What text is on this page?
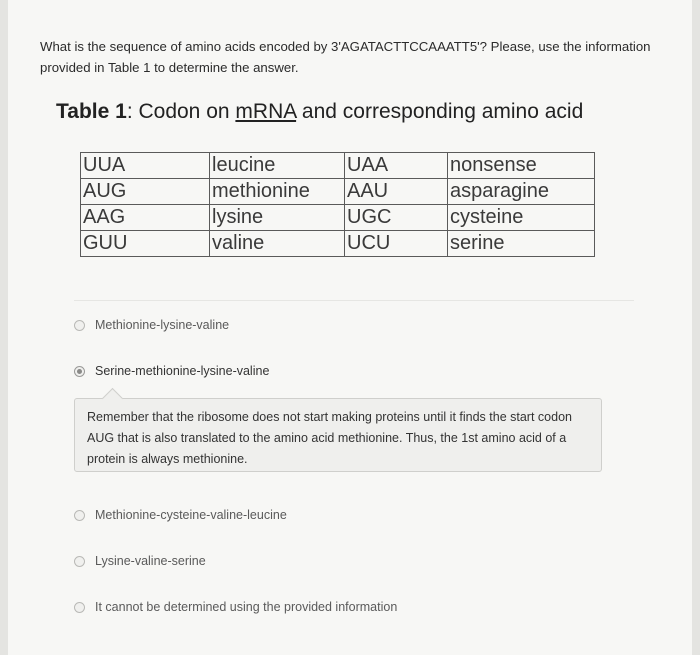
What is the sequence of amino acids encoded by 3'AGATACTTCCAAATT5'? Please, use the information provided in Table 1 to determine the answer.
Table 1: Codon on mRNA and corresponding amino acid
UUA	leucine	UAA	nonsense
AUG	methionine	AAU	asparagine
AAG	lysine	UGC	cysteine
GUU	valine	UCU	serine
Methionine-lysine-valine
Serine-methionine-lysine-valine
Remember that the ribosome does not start making proteins until it finds the start codon AUG that is also translated to the amino acid methionine. Thus, the 1st amino acid of a protein is always methionine.
Methionine-cysteine-valine-leucine
Lysine-valine-serine
It cannot be determined using the provided information
